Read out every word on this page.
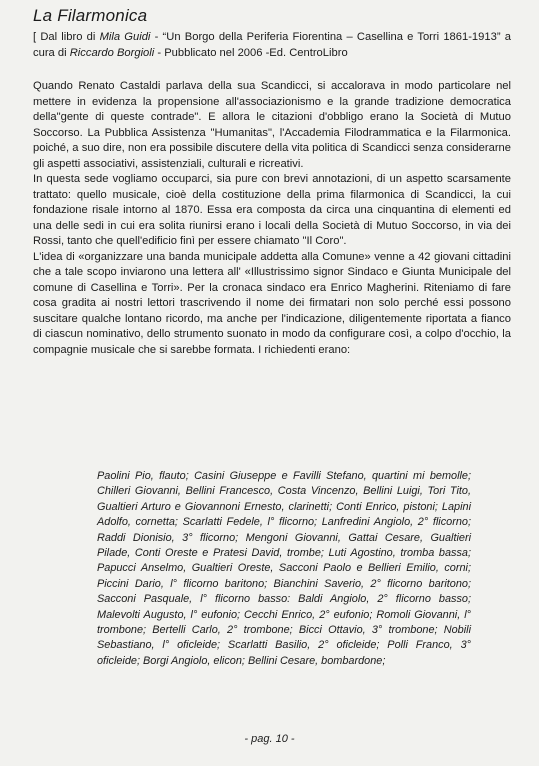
La Filarmonica
[ Dal libro di Mila Guidi - “Un Borgo della Periferia Fiorentina – Casellina e Torri 1861-1913” a cura di Riccardo Borgioli - Pubblicato nel 2006 -Ed. CentroLibro

Quando Renato Castaldi parlava della sua Scandicci, si accalorava in modo particolare nel mettere in evidenza la propensione all'associazionismo e la grande tradizione democratica della"gente di queste contrade". E allora le citazioni d'obbligo erano la Società di Mutuo Soccorso. La Pubblica Assistenza "Humanitas", l'Accademia Filodrammatica e la Filarmonica. poiché, a suo dire, non era possibile discutere della vita politica di Scandicci senza considerarne gli aspetti associativi, assistenziali, culturali e ricreativi.

In questa sede vogliamo occuparci, sia pure con brevi annotazioni, di un aspetto scarsamente trattato: quello musicale, cioè della costituzione della prima filarmonica di Scandicci, la cui fondazione risale intorno al 1870. Essa era composta da circa una cinquantina di elementi ed una delle sedi in cui era solita riunirsi erano i locali della Società di Mutuo Soccorso, in via dei Rossi, tanto che quell'edificio finì per essere chiamato "Il Coro".

L'idea di «organizzare una banda municipale addetta alla Comune» venne a 42 giovani cittadini che a tale scopo inviarono una lettera all' «Illustrissimo signor Sindaco e Giunta Municipale del comune di Casellina e Torri». Per la cronaca sindaco era Enrico Magherini. Riteniamo di fare cosa gradita ai nostri lettori trascrivendo il nome dei firmatari non solo perché essi possono suscitare qualche lontano ricordo, ma anche per l'indicazione, diligentemente riportata a fianco di ciascun nominativo, dello strumento suonato in modo da configurare così, a colpo d'occhio, la compagnie musicale che si sarebbe formata. I richiedenti erano:

Paolini Pio, flauto; Casini Giuseppe e Favilli Stefano, quartini mi bemolle; Chilleri Giovanni, Bellini Francesco, Costa Vincenzo, Bellini Luigi, Tori Tito, Gualtieri Arturo e Giovannoni Ernesto, clarinetti; Conti Enrico, pistoni; Lapini Adolfo, cornetta; Scarlatti Fedele, l° flicorno; Lanfredini Angiolo, 2° flicorno; Raddi Dionisio, 3° flicorno; Mengoni Giovanni, Gattai Cesare, Gualtieri Pilade, Conti Oreste e Pratesi David, trombe; Luti Agostino, tromba bassa; Papucci Anselmo, Gualtieri Oreste, Sacconi Paolo e Bellieri Emilio, corni; Piccini Dario, l° flicorno baritono; Bianchini Saverio, 2° flicorno baritono; Sacconi Pasquale, l° flicorno basso: Baldi Angiolo, 2° flicorno basso; Malevolti Augusto, l° eufonio; Cecchi Enrico, 2° eufonio; Romoli Giovanni, l° trombone; Bertelli Carlo, 2° trombone; Bicci Ottavio, 3° trombone; Nobili Sebastiano, l° oficleide; Scarlatti Basilio, 2° oficleide; Polli Franco, 3° oficleide; Borgi Angiolo, elicon; Bellini Cesare, bombardone;
- pag. 10 -
